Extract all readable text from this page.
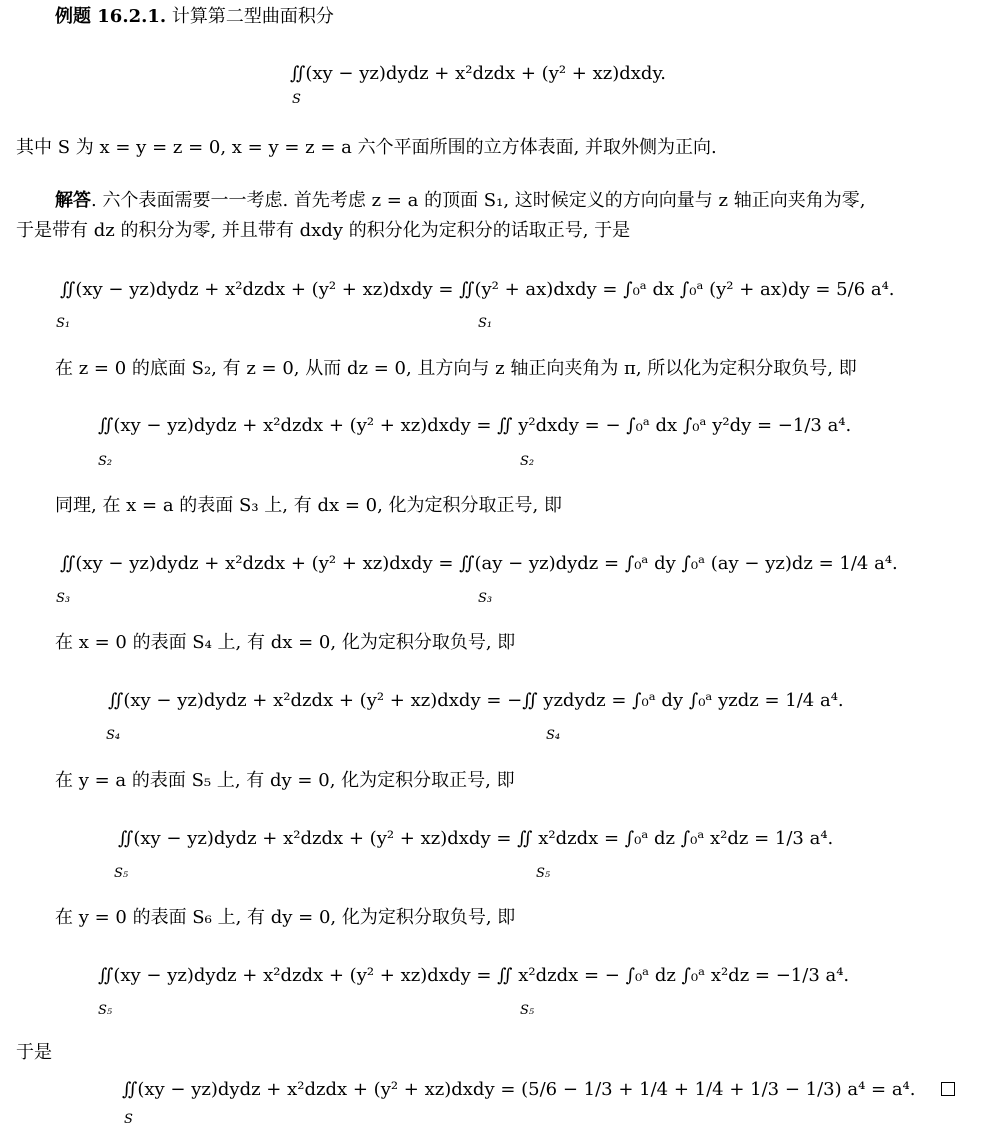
例题 16.2.1. 计算第二型曲面积分
∬(xy − yz)dydz + x²dzdx + (y² + xz)dxdy.
S
其中 S 为 x = y = z = 0, x = y = z = a 六个平面所围的立方体表面, 并取外侧为正向.
解答. 六个表面需要一一考虑. 首先考虑 z = a 的顶面 S₁, 这时候定义的方向向量与 z 轴正向夹角为零,
于是带有 dz 的积分为零, 并且带有 dxdy 的积分化为定积分的话取正号, 于是
∬(xy − yz)dydz + x²dzdx + (y² + xz)dxdy = ∬(y² + ax)dxdy = ∫₀ᵃ dx ∫₀ᵃ (y² + ax)dy = 5/6 a⁴.
S₁	S₁
在 z = 0 的底面 S₂, 有 z = 0, 从而 dz = 0, 且方向与 z 轴正向夹角为 π, 所以化为定积分取负号, 即
∬(xy − yz)dydz + x²dzdx + (y² + xz)dxdy = ∬ y²dxdy = − ∫₀ᵃ dx ∫₀ᵃ y²dy = −1/3 a⁴.
S₂	S₂
同理, 在 x = a 的表面 S₃ 上, 有 dx = 0, 化为定积分取正号, 即
∬(xy − yz)dydz + x²dzdx + (y² + xz)dxdy = ∬(ay − yz)dydz = ∫₀ᵃ dy ∫₀ᵃ (ay − yz)dz = 1/4 a⁴.
S₃	S₃
在 x = 0 的表面 S₄ 上, 有 dx = 0, 化为定积分取负号, 即
∬(xy − yz)dydz + x²dzdx + (y² + xz)dxdy = −∬ yzdydz = ∫₀ᵃ dy ∫₀ᵃ yzdz = 1/4 a⁴.
S₄	S₄
在 y = a 的表面 S₅ 上, 有 dy = 0, 化为定积分取正号, 即
∬(xy − yz)dydz + x²dzdx + (y² + xz)dxdy = ∬ x²dzdx = ∫₀ᵃ dz ∫₀ᵃ x²dz = 1/3 a⁴.
S₅	S₅
在 y = 0 的表面 S₆ 上, 有 dy = 0, 化为定积分取负号, 即
∬(xy − yz)dydz + x²dzdx + (y² + xz)dxdy = ∬ x²dzdx = − ∫₀ᵃ dz ∫₀ᵃ x²dz = −1/3 a⁴.
S₅	S₅
于是
∬(xy − yz)dydz + x²dzdx + (y² + xz)dxdy = (5/6 − 1/3 + 1/4 + 1/4 + 1/3 − 1/3) a⁴ = a⁴.
S
